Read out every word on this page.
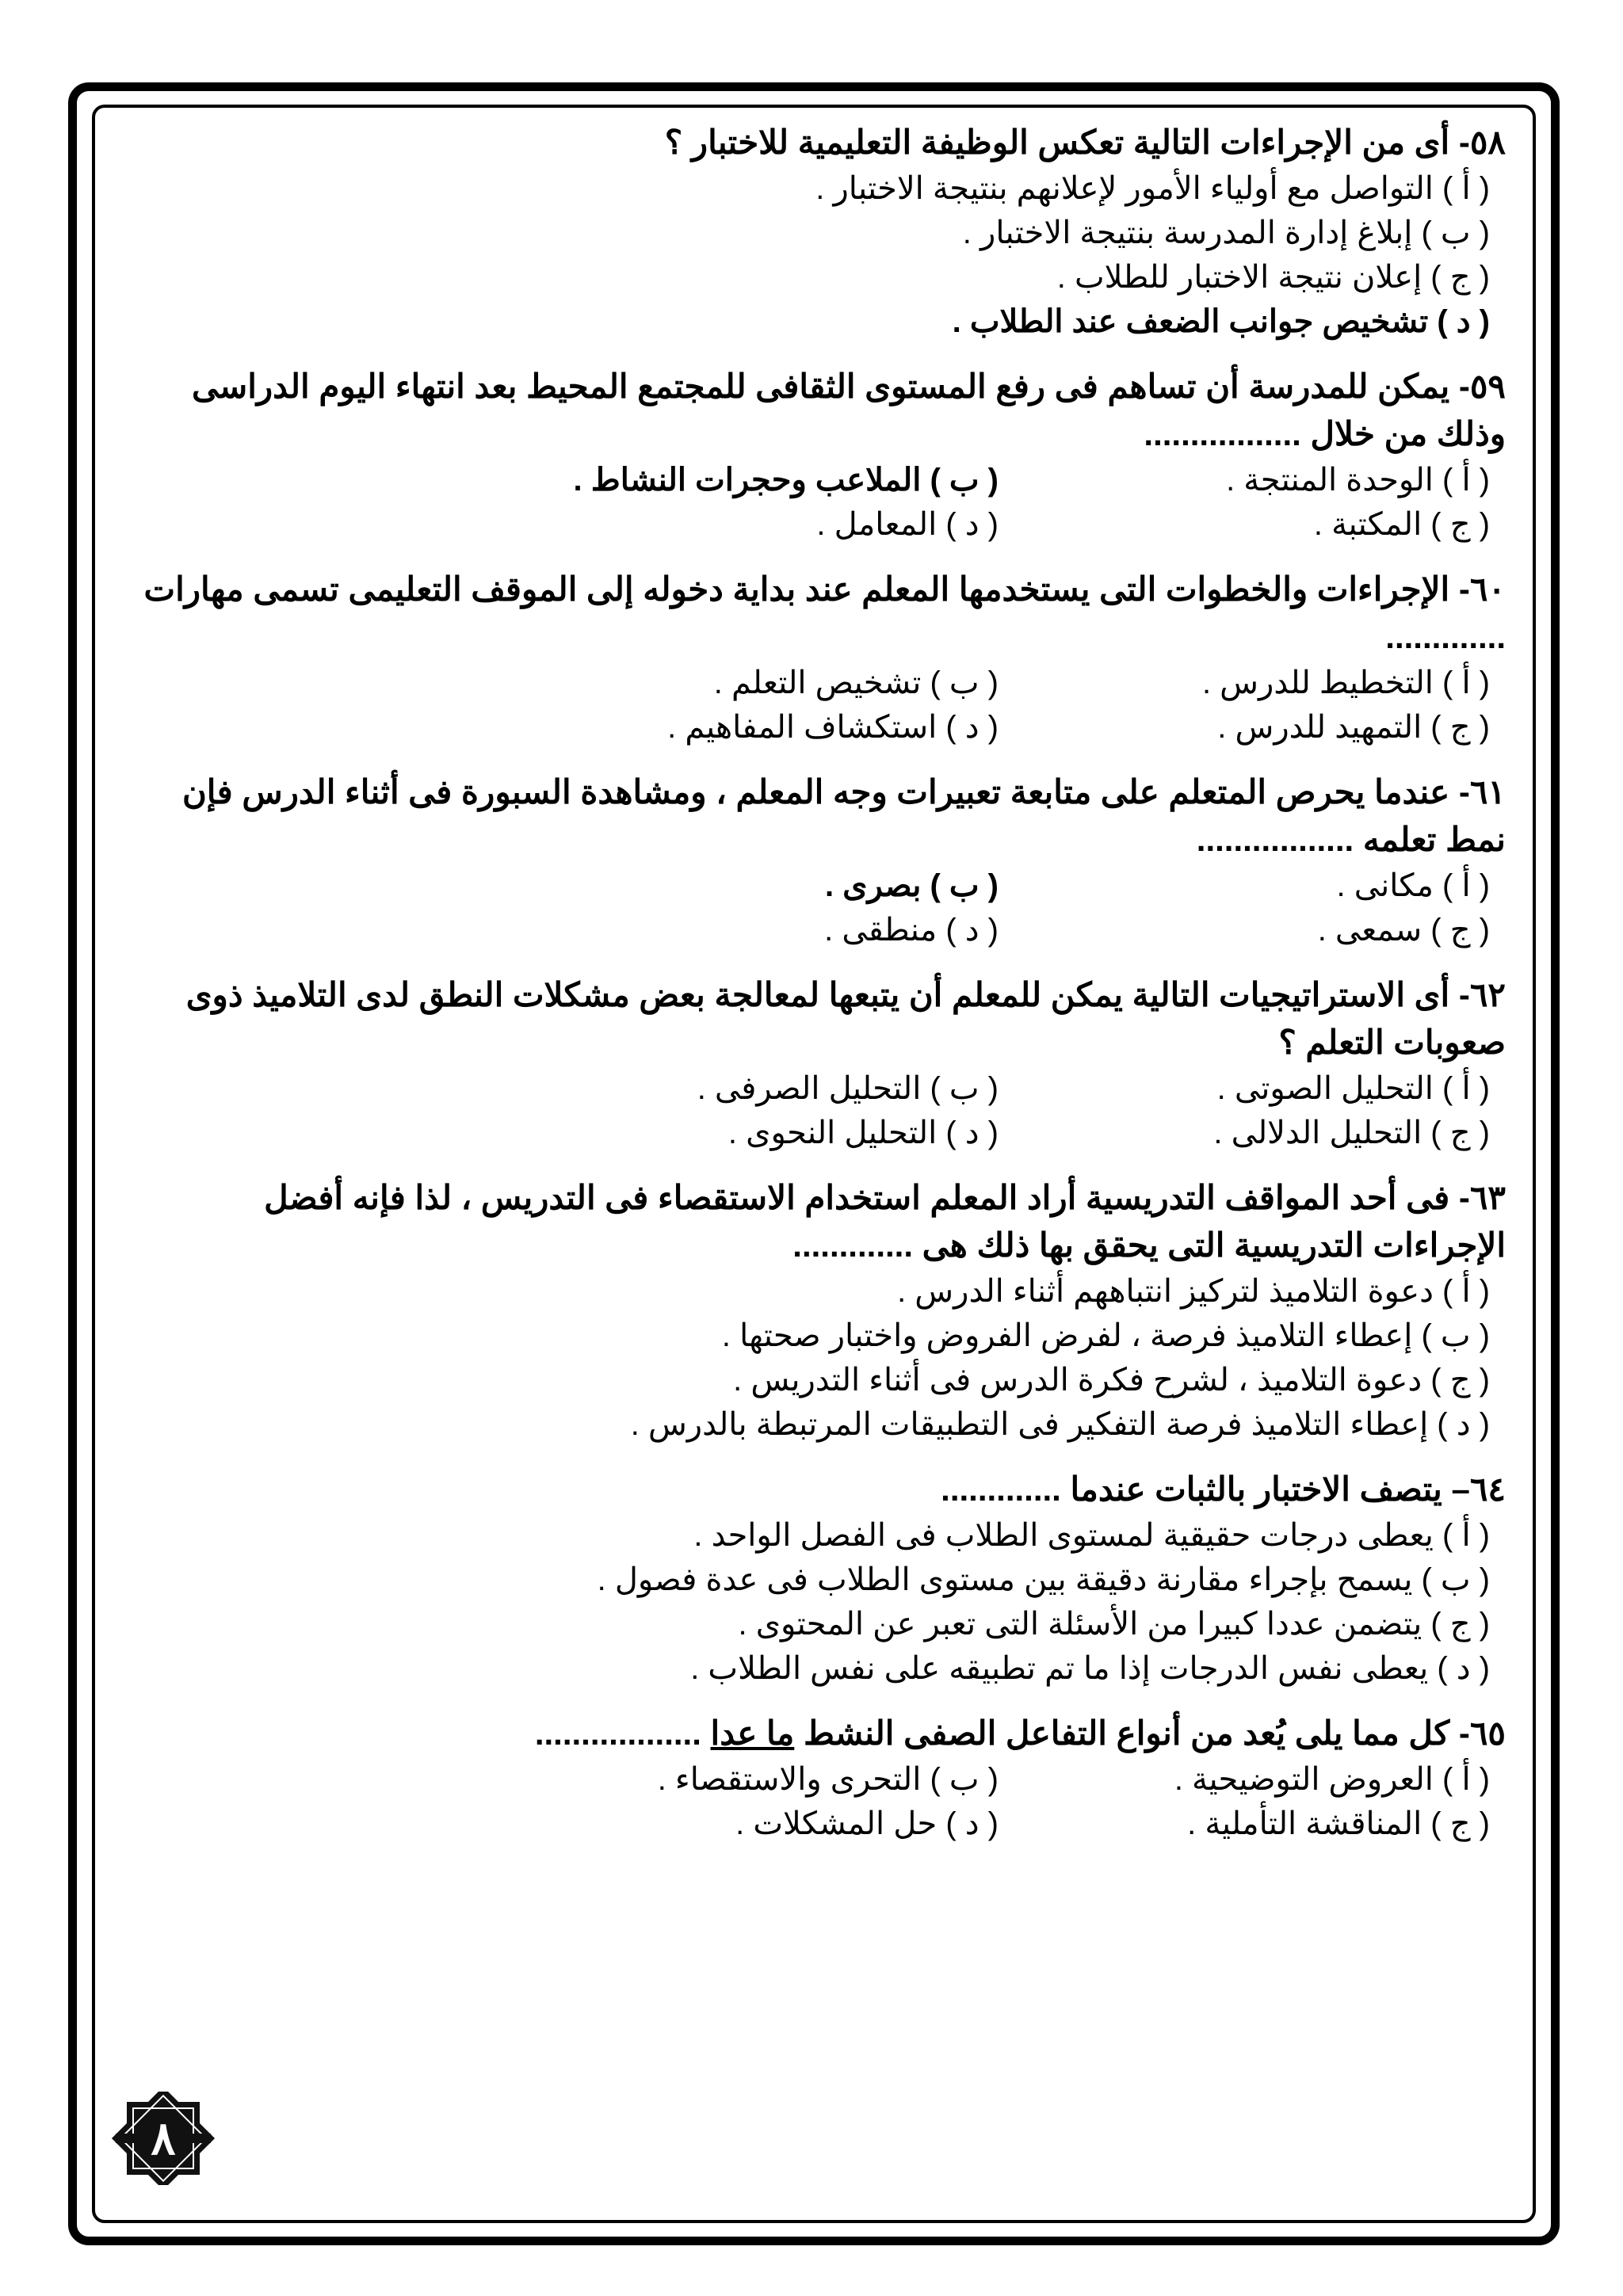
٥٨- أى من الإجراءات التالية تعكس الوظيفة التعليمية للاختبار ؟
( أ ) التواصل مع أولياء الأمور لإعلانهم بنتيجة الاختبار .
( ب ) إبلاغ إدارة المدرسة بنتيجة الاختبار .
( ج ) إعلان نتيجة الاختبار للطلاب .
( د ) تشخيص جوانب الضعف عند الطلاب .
٥٩- يمكن للمدرسة أن تساهم فى رفع المستوى الثقافى للمجتمع المحيط بعد انتهاء اليوم الدراسى وذلك من خلال .................
( أ ) الوحدة المنتجة .
( ب ) الملاعب وحجرات النشاط .
( ج ) المكتبة .
( د ) المعامل .
٦٠- الإجراءات والخطوات التى يستخدمها المعلم عند بداية دخوله إلى الموقف التعليمى تسمى مهارات .............
( أ ) التخطيط للدرس .
( ب ) تشخيص التعلم .
( ج ) التمهيد للدرس .
( د ) استكشاف المفاهيم .
٦١- عندما يحرص المتعلم على متابعة تعبيرات وجه المعلم ، ومشاهدة السبورة فى أثناء الدرس فإن نمط تعلمه .................
( أ ) مكانى .
( ب ) بصرى .
( ج ) سمعى .
( د ) منطقى .
٦٢- أى الاستراتيجيات التالية يمكن للمعلم أن يتبعها لمعالجة بعض مشكلات النطق لدى التلاميذ ذوى صعوبات التعلم ؟
( أ ) التحليل الصوتى .
( ب ) التحليل الصرفى .
( ج ) التحليل الدلالى .
( د ) التحليل النحوى .
٦٣- فى أحد المواقف التدريسية أراد المعلم استخدام الاستقصاء فى التدريس ، لذا فإنه أفضل الإجراءات التدريسية التى يحقق بها ذلك هى .............
( أ ) دعوة التلاميذ لتركيز انتباههم أثناء الدرس .
( ب ) إعطاء التلاميذ فرصة ، لفرض الفروض واختبار صحتها .
( ج ) دعوة التلاميذ ، لشرح فكرة الدرس فى أثناء التدريس .
( د ) إعطاء التلاميذ فرصة التفكير فى التطبيقات المرتبطة بالدرس .
٦٤– يتصف الاختبار بالثبات عندما .............
( أ ) يعطى درجات حقيقية لمستوى الطلاب فى الفصل الواحد .
( ب ) يسمح بإجراء مقارنة دقيقة بين مستوى الطلاب فى عدة فصول .
( ج ) يتضمن عددا كبيرا من الأسئلة التى تعبر عن المحتوى .
( د ) يعطى نفس الدرجات إذا ما تم تطبيقه على نفس الطلاب .
٦٥- كل مما يلى يُعد من أنواع التفاعل الصفى النشط ما عدا ..................
( أ ) العروض التوضيحية .
( ب ) التحرى والاستقصاء .
( ج ) المناقشة التأملية .
( د ) حل المشكلات .
٨
